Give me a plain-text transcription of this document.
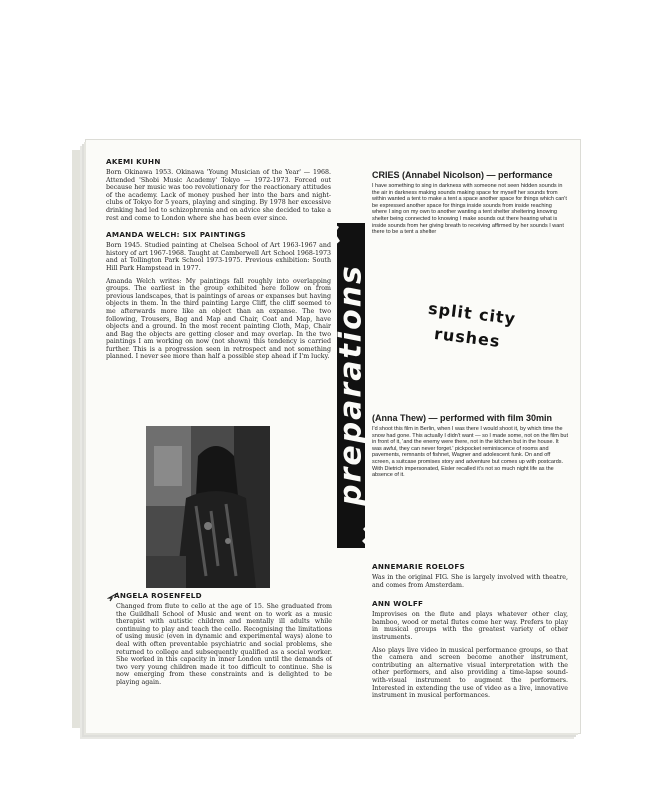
AKEMI KUHN

Born Okinawa 1953. Okinawa 'Young Musician of the Year' — 1968. Attended 'Shobi Music Academy' Tokyo — 1972-1973. Forced out because her music was too revolutionary for the reactionary attitudes of the academy. Lack of money pushed her into the bars and night-clubs of Tokyo for 5 years, playing and singing. By 1978 her excessive drinking had led to schizophrenia and on advice she decided to take a rest and come to London where she has been ever since.

AMANDA WELCH: SIX PAINTINGS

Born 1945. Studied painting at Chelsea School of Art 1963-1967 and history of art 1967-1968. Taught at Camberwell Art School 1968-1973 and at Tollington Park School 1973-1975. Previous exhibition: South Hill Park Hampstead in 1977.

Amanda Welch writes: My paintings fall roughly into overlapping groups. The earliest in the group exhibited here follow on from previous landscapes, that is paintings of areas or expanses but having objects in them. In the third painting Large Cliff, the cliff seemed to me afterwards more like an object than an expanse. The two following, Trousers, Bag and Map and Chair, Coat and Map, have objects and a ground. In the most recent painting Cloth, Map, Chair and Bag the objects are getting closer and may overlap. In the two paintings I am working on now (not shown) this tendency is carried further. This is a progression seen in retrospect and not something planned. I never see more than half a possible step ahead if I'm lucky.

ANGELA ROSENFELD

Changed from flute to cello at the age of 15. She graduated from the Guildhall School of Music and went on to work as a music therapist with autistic children and mentally ill adults while continuing to play and teach the cello. Recognising the limitations of using music (even in dynamic and experimental ways) alone to deal with often preventable psychiatric and social problems, she returned to college and subsequently qualified as a social worker. She worked in this capacity in inner London until the demands of two very young children made it too difficult to continue. She is now emerging from these constraints and is delighted to be playing again.

preparations
CRIES (Annabel Nicolson) — performance

I have something to sing in darkness with someone not seen hidden sounds in the air in darkness making sounds making space for myself her sounds from within wanted a tent to make a tent a space another space for things which can't be expressed another space for things inside sounds from inside reaching where I sing on my own to another wanting a tent shelter sheltering knowing shelter being connected to knowing I make sounds out there hearing what is inside sounds from her giving breath to receiving affirmed by her sounds I want there to be a tent a shelter

split city
rushes
(Anna Thew) — performed with film 30min

I'd shoot this film in Berlin, when I was there I would shoot it, by which time the snow had gone. This actually I didn't want — so I made some, not on the film but in front of it, 'and the enemy were there, not in the kitchen but in the house. It was awful, they can never forget.' pickpocket reminiscence of rooms and pavements, remnants of fishnet, Wagner and adolescent funk. On and off screen, a suitcase promises story and adventure but comes up with postcards. With Dietrich impersonated, Eisler recalled it's not so much night life as the absence of it.

ANNEMARIE ROELOFS

Was in the original FIG. She is largely involved with theatre, and comes from Amsterdam.

ANN WOLFF

Improvises on the flute and plays whatever other clay, bamboo, wood or metal flutes come her way. Prefers to play in musical groups with the greatest variety of other instruments.

Also plays live video in musical performance groups, so that the camera and screen become another instrument, contributing an alternative visual interpretation with the other performers, and also providing a time-lapse sound-with-visual instrument to augment the performers. Interested in extending the use of video as a live, innovative instrument in musical performances.
